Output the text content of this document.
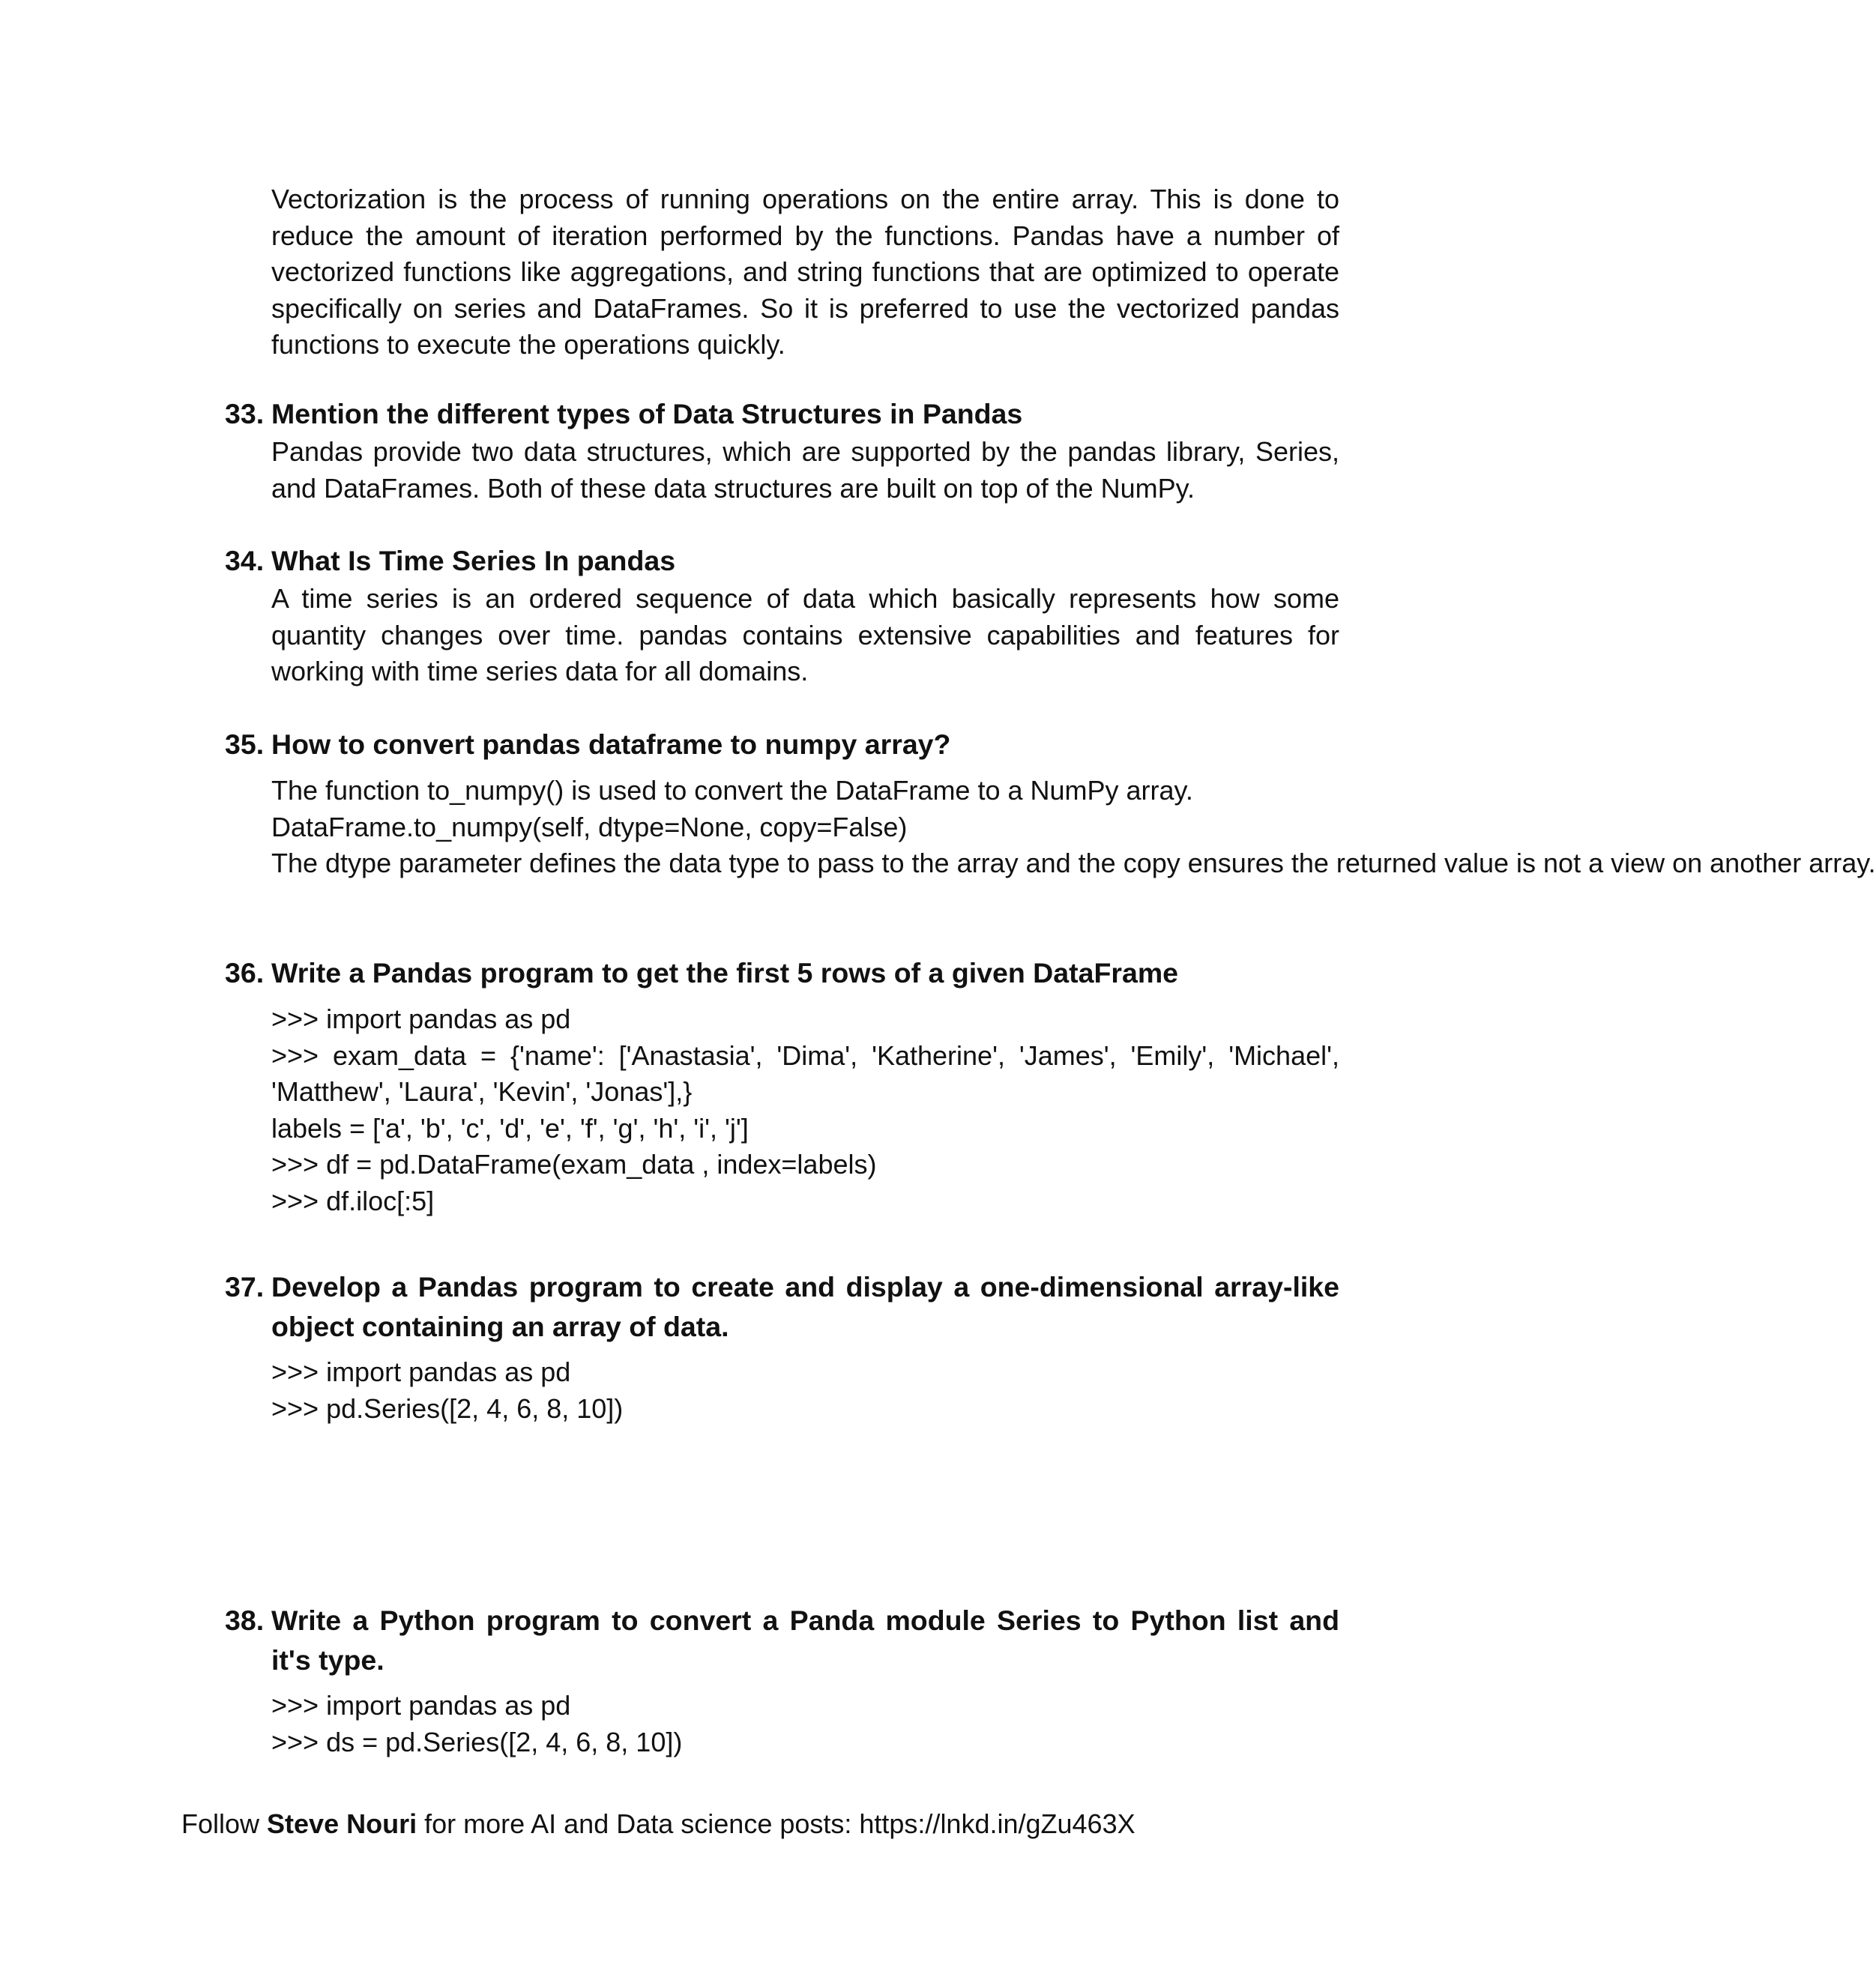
Vectorization is the process of running operations on the entire array. This is done to reduce the amount of iteration performed by the functions. Pandas have a number of vectorized functions like aggregations, and string functions that are optimized to operate specifically on series and DataFrames. So it is preferred to use the vectorized pandas functions to execute the operations quickly.

33. Mention the different types of Data Structures in Pandas

Pandas provide two data structures, which are supported by the pandas library, Series, and DataFrames. Both of these data structures are built on top of the NumPy.

34. What Is Time Series In pandas

A time series is an ordered sequence of data which basically represents how some quantity changes over time. pandas contains extensive capabilities and features for working with time series data for all domains.

35. How to convert pandas dataframe to numpy array?
The function to_numpy() is used to convert the DataFrame to a NumPy array.
DataFrame.to_numpy(self, dtype=None, copy=False)
The dtype parameter defines the data type to pass to the array and the copy ensures the returned value is not a view on another array.
36. Write a Pandas program to get the first 5 rows of a given DataFrame
>>> import pandas as pd
>>> exam_data = {'name': ['Anastasia', 'Dima', 'Katherine', 'James', 'Emily', 'Michael', 'Matthew', 'Laura', 'Kevin', 'Jonas'],}
labels = ['a', 'b', 'c', 'd', 'e', 'f', 'g', 'h', 'i', 'j']
>>> df = pd.DataFrame(exam_data , index=labels)
>>> df.iloc[:5]
37. Develop a Pandas program to create and display a one-dimensional array-like object containing an array of data.
>>> import pandas as pd
>>> pd.Series([2, 4, 6, 8, 10])
38. Write a Python program to convert a Panda module Series to Python list and it's type.
>>> import pandas as pd
>>> ds = pd.Series([2, 4, 6, 8, 10])
Follow Steve Nouri for more AI and Data science posts: https://lnkd.in/gZu463X
